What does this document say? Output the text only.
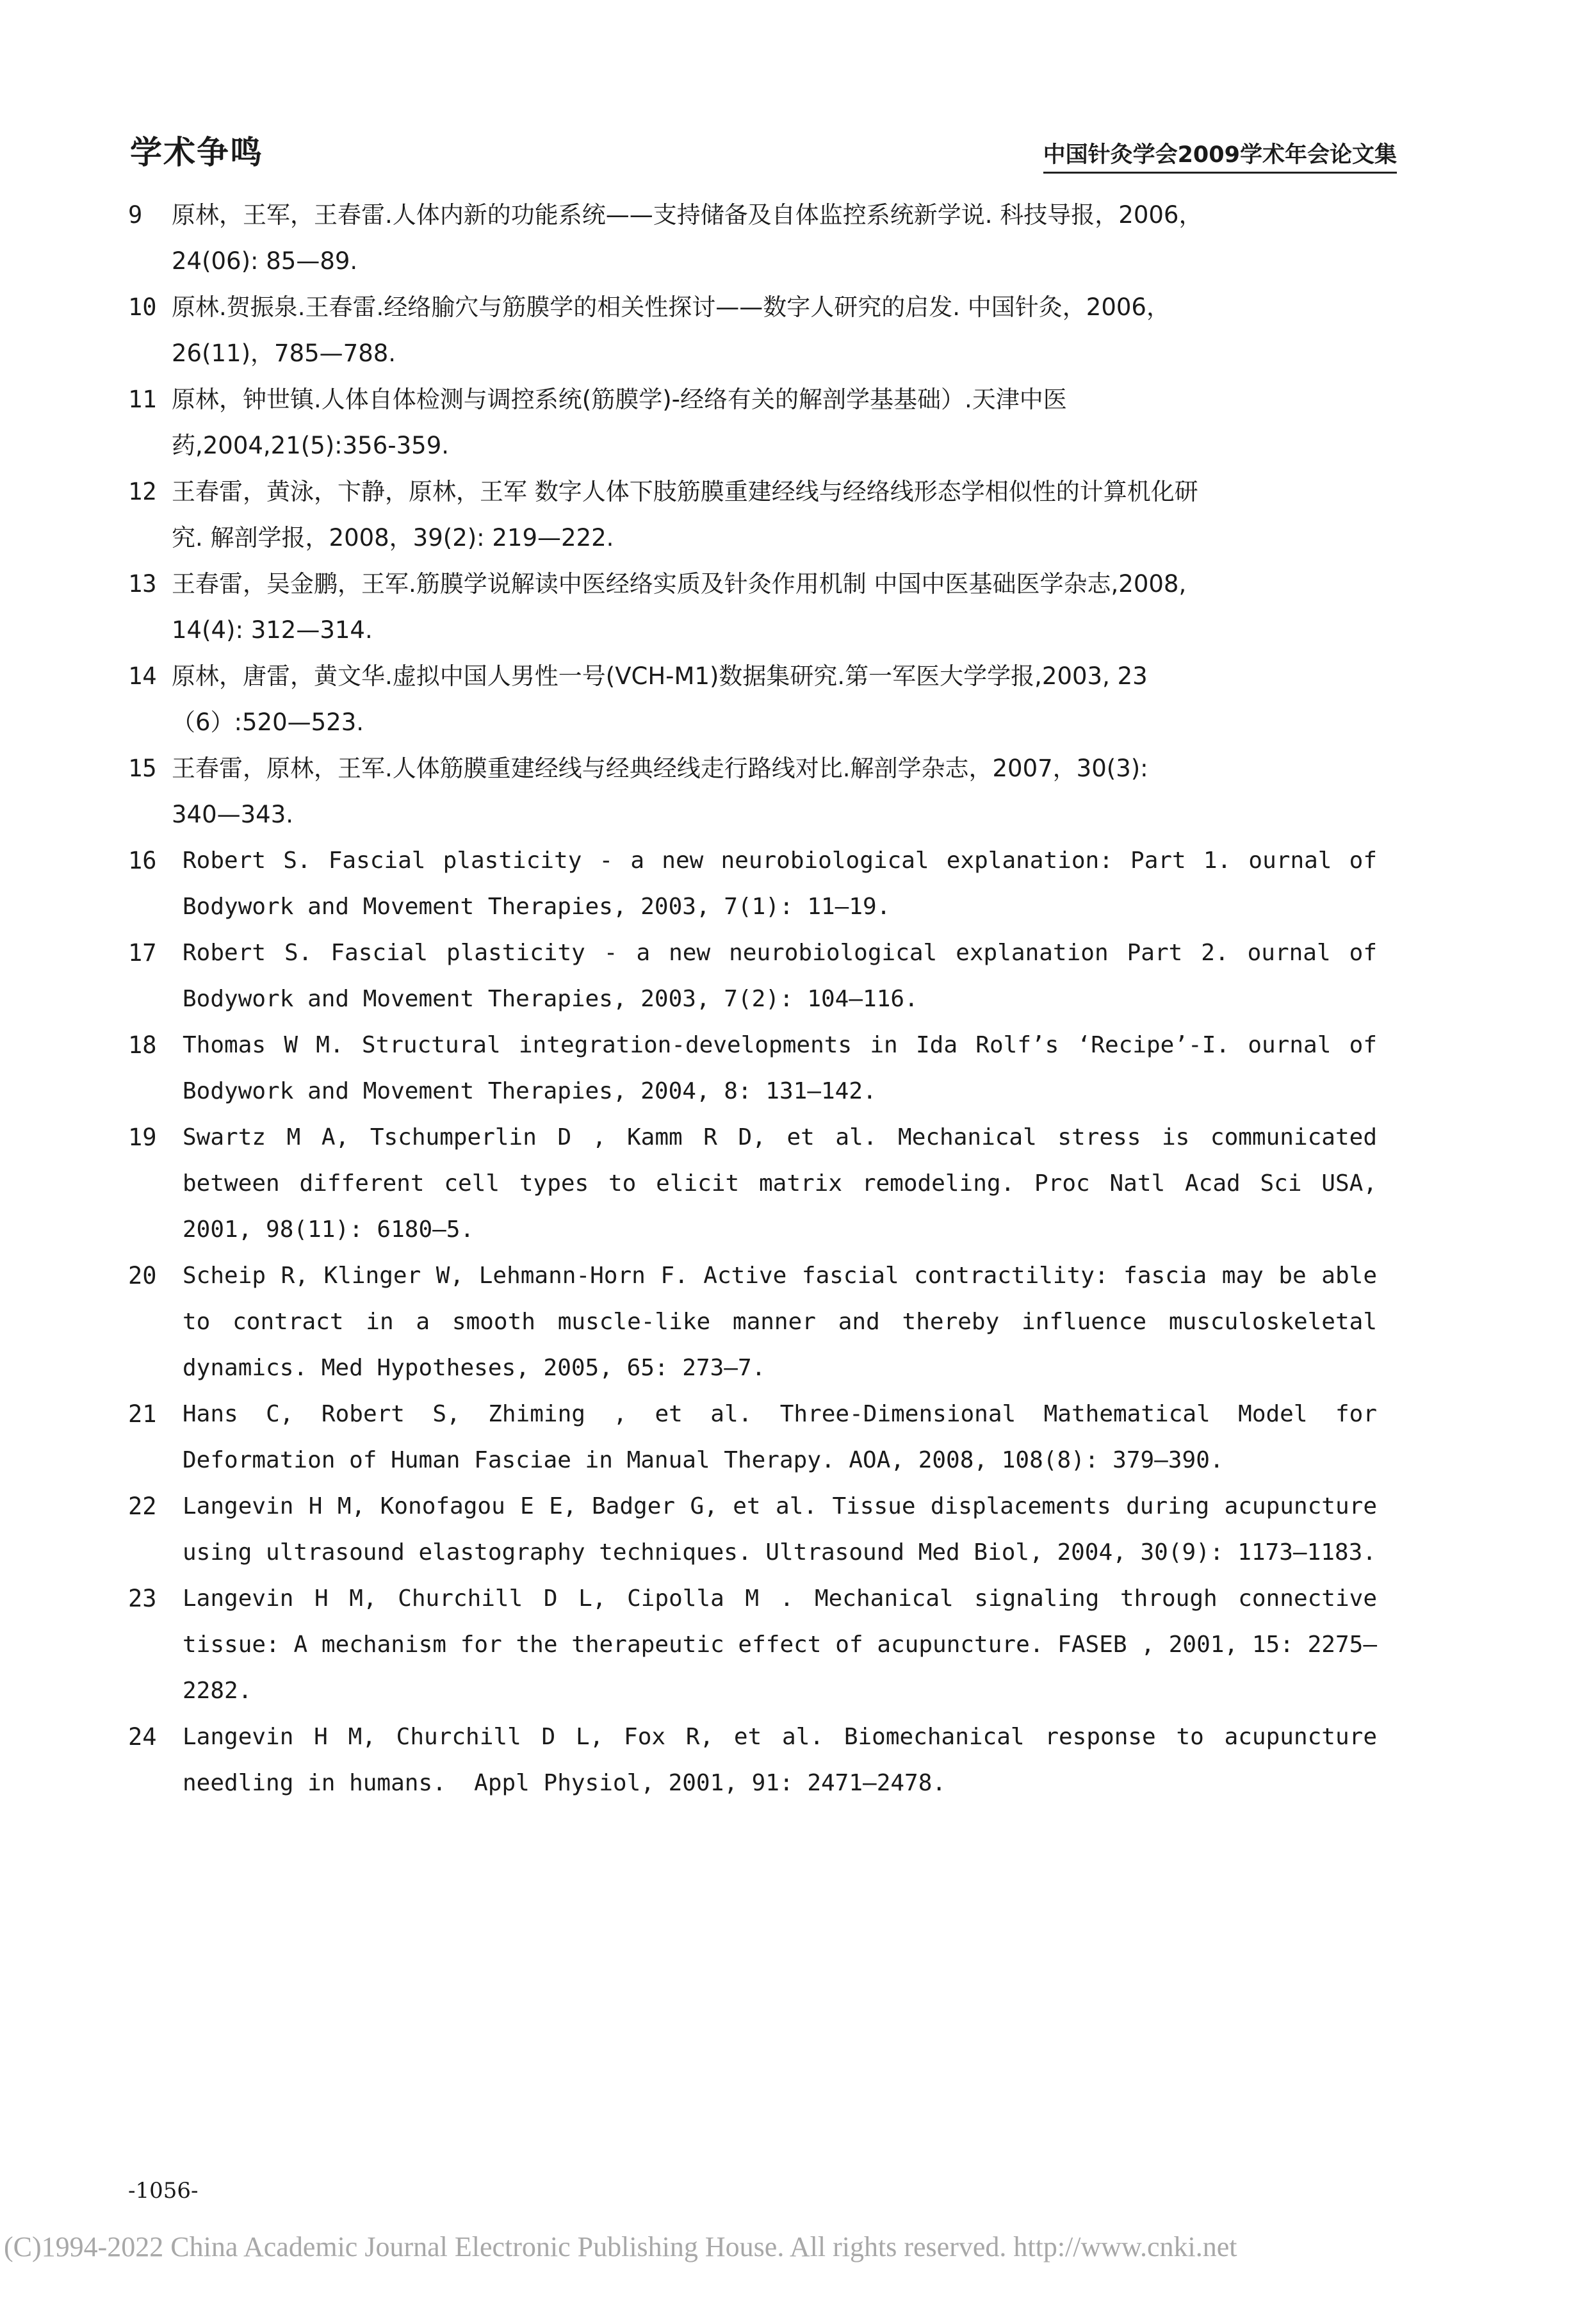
学术争鸣	中国针灸学会2009学术年会论文集
9 原林，王军，王春雷.人体内新的功能系统——支持储备及自体监控系统新学说. 科技导报，2006，
24(06): 85—89.
10 原林.贺振泉.王春雷.经络腧穴与筋膜学的相关性探讨——数字人研究的启发. 中国针灸，2006，
26(11)，785—788.
11 原林，钟世镇.人体自体检测与调控系统(筋膜学)-经络有关的解剖学基基础）.天津中医
药,2004,21(5):356-359.
12 王春雷，黄泳，卞静，原林，王军 数字人体下肢筋膜重建经线与经络线形态学相似性的计算机化研
究. 解剖学报，2008，39(2): 219—222.
13 王春雷，吴金鹏，王军.筋膜学说解读中医经络实质及针灸作用机制 中国中医基础医学杂志,2008,
14(4): 312—314.
14 原林，唐雷，黄文华.虚拟中国人男性一号(VCH-M1)数据集研究.第一军医大学学报,2003, 23
（6）:520—523.
15 王春雷，原林，王军.人体筋膜重建经线与经典经线走行路线对比.解剖学杂志，2007，30(3):
340—343.
16 Robert S. Fascial plasticity - a new neurobiological explanation: Part 1. ournal of Bodywork and Movement Therapies, 2003, 7(1): 11—19.
17 Robert S. Fascial plasticity - a new neurobiological explanation Part 2. ournal of Bodywork and Movement Therapies, 2003, 7(2): 104—116.
18 Thomas W M. Structural integration-developments in Ida Rolf’s ‘Recipe’-I. ournal of Bodywork and Movement Therapies, 2004, 8: 131—142.
19 Swartz M A, Tschumperlin D , Kamm R D, et al. Mechanical stress is communicated between different cell types to elicit matrix remodeling. Proc Natl Acad Sci USA, 2001, 98(11): 6180—5.
20 Scheip R, Klinger W, Lehmann-Horn F. Active fascial contractility: fascia may be able to contract in a smooth muscle-like manner and thereby influence musculoskeletal dynamics. Med Hypotheses, 2005, 65: 273—7.
21 Hans C, Robert S, Zhiming , et al. Three-Dimensional Mathematical Model for Deformation of Human Fasciae in Manual Therapy. AOA, 2008, 108(8): 379—390.
22 Langevin H M, Konofagou E E, Badger G, et al. Tissue displacements during acupuncture using ultrasound elastography techniques. Ultrasound Med Biol, 2004, 30(9): 1173—1183.
23 Langevin H M, Churchill D L, Cipolla M . Mechanical signaling through connective tissue: A mechanism for the therapeutic effect of acupuncture. FASEB , 2001, 15: 2275—2282.
24 Langevin H M, Churchill D L, Fox R, et al. Biomechanical response to acupuncture needling in humans.  Appl Physiol, 2001, 91: 2471—2478.
-1056-
(C)1994-2022 China Academic Journal Electronic Publishing House. All rights reserved. http://www.cnki.net
